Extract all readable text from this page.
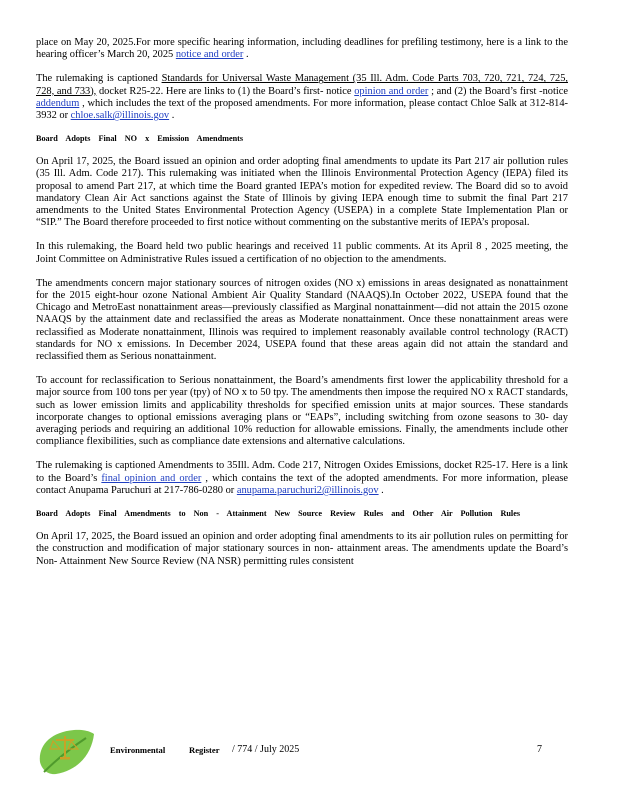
place on May 20, 2025.For more specific hearing information, including deadlines for prefiling testimony, here is a link to the hearing officer’s March 20, 2025 notice and order .

The rulemaking is captioned Standards for Universal Waste Management (35 Ill. Adm. Code Parts 703, 720, 721, 724, 725, 728, and 733), docket R25-22. Here are links to (1) the Board’s first- notice opinion and order ; and (2) the Board’s first -notice addendum , which includes the text of the proposed amendments. For more information, please contact Chloe Salk at 312-814-3932 or chloe.salk@illinois.gov .

Board Adopts Final NO x Emission Amendments

On April 17, 2025, the Board issued an opinion and order adopting final amendments to update its Part 217 air pollution rules (35 Ill. Adm. Code 217). This rulemaking was initiated when the Illinois Environmental Protection Agency (IEPA) filed its proposal to amend Part 217, at which time the Board granted IEPA’s motion for expedited review. The Board did so to avoid mandatory Clean Air Act sanctions against the State of Illinois by giving IEPA enough time to submit the final Part 217 amendments to the United States Environmental Protection Agency (USEPA) in a complete State Implementation Plan or “SIP.” The Board therefore proceeded to first notice without commenting on the substantive merits of IEPA’s proposal.

In this rulemaking, the Board held two public hearings and received 11 public comments. At its April 8 , 2025 meeting, the Joint Committee on Administrative Rules issued a certification of no objection to the amendments.

The amendments concern major stationary sources of nitrogen oxides (NO x) emissions in areas designated as nonattainment for the 2015 eight-hour ozone National Ambient Air Quality Standard (NAAQS).In October 2022, USEPA found that the Chicago and MetroEast nonattainment areas—previously classified as Marginal nonattainment—did not attain the 2015 ozone NAAQS by the attainment date and reclassified the areas as Moderate nonattainment. Once these nonattainment areas were reclassified as Moderate nonattainment, Illinois was required to implement reasonably available control technology (RACT) standards for NO x emissions. In December 2024, USEPA found that these areas again did not attain the standard and reclassified them as Serious nonattainment.

To account for reclassification to Serious nonattainment, the Board’s amendments first lower the applicability threshold for a major source from 100 tons per year (tpy) of NO x to 50 tpy. The amendments then impose the required NO x RACT standards, such as lower emission limits and applicability thresholds for specified emission units at major sources. These standards incorporate changes to optional emissions averaging plans or “EAPs”, including switching from ozone seasons to 30- day averaging periods and requiring an additional 10% reduction for allowable emissions. Finally, the amendments include other compliance flexibilities, such as compliance date extensions and alternative calculations.

The rulemaking is captioned Amendments to 35Ill. Adm. Code 217, Nitrogen Oxides Emissions, docket R25-17. Here is a link to the Board’s final opinion and order , which contains the text of the adopted amendments. For more information, please contact Anupama Paruchuri at 217-786-0280 or anupama.paruchuri2@illinois.gov .

Board Adopts Final Amendments to Non - Attainment New Source Review Rules and Other Air Pollution Rules

On April 17, 2025, the Board issued an opinion and order adopting final amendments to its air pollution rules on permitting for the construction and modification of major stationary sources in non- attainment areas. The amendments update the Board’s Non- Attainment New Source Review (NA NSR) permitting rules consistent

Environmental	Register / 774 / July 2025	7
